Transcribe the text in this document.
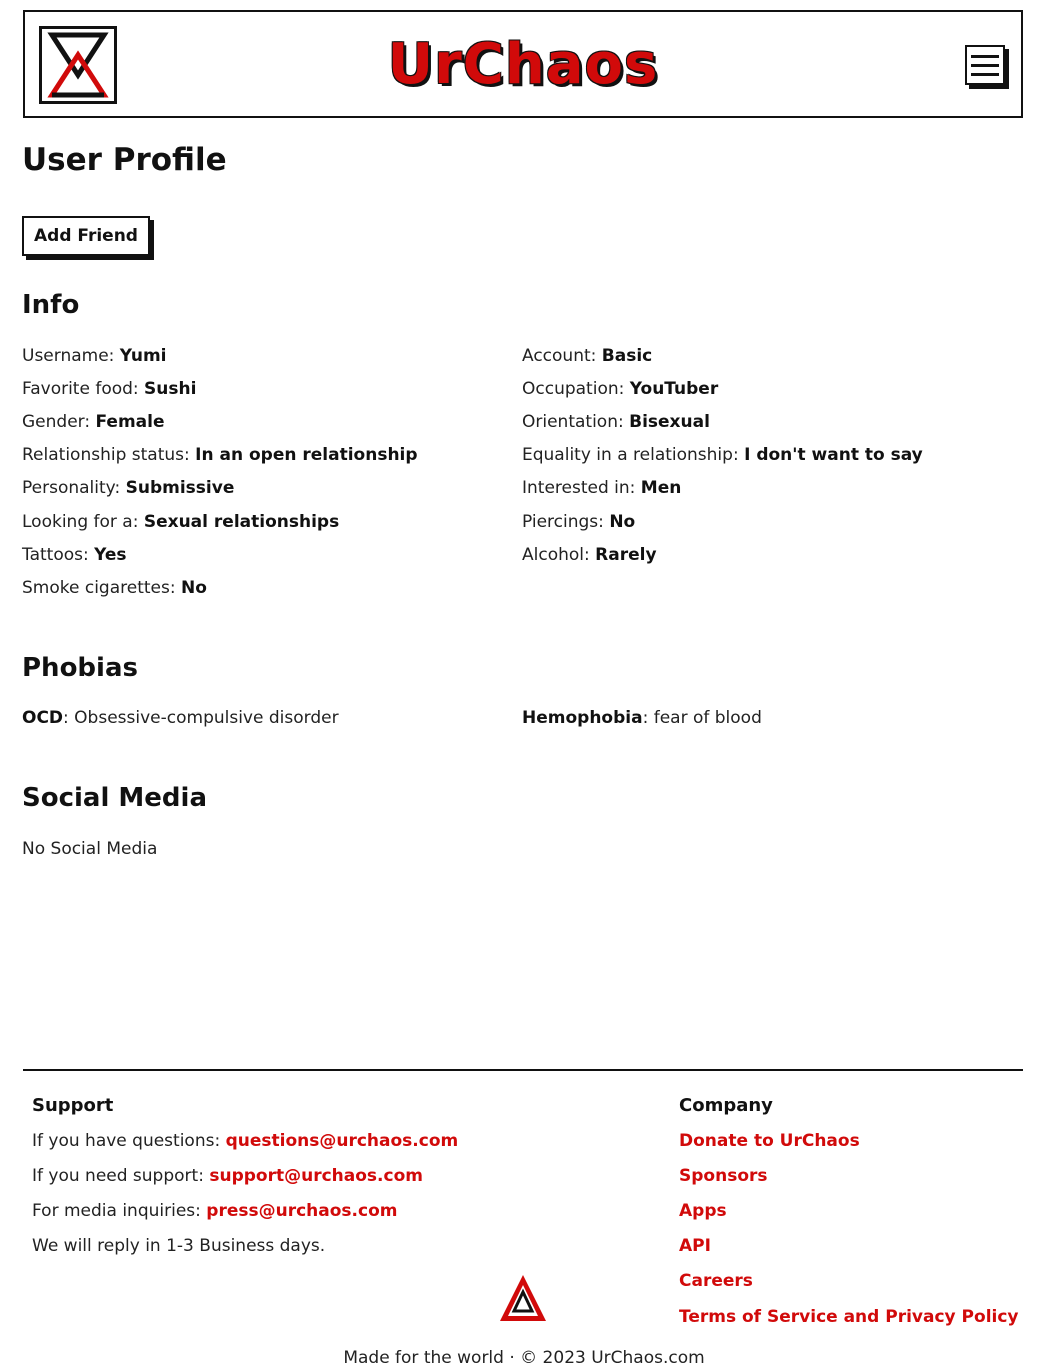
UrChaos
User Profile
Add Friend
Info
Username: Yumi
Favorite food: Sushi
Gender: Female
Relationship status: In an open relationship
Personality: Submissive
Looking for a: Sexual relationships
Tattoos: Yes
Smoke cigarettes: No
Account: Basic
Occupation: YouTuber
Orientation: Bisexual
Equality in a relationship: I don't want to say
Interested in: Men
Piercings: No
Alcohol: Rarely
Phobias
OCD: Obsessive-compulsive disorder	Hemophobia: fear of blood
Social Media
No Social Media
Support
If you have questions: questions@urchaos.com
If you need support: support@urchaos.com
For media inquiries: press@urchaos.com
We will reply in 1-3 Business days.
Company
Donate to UrChaos
Sponsors
Apps
API
Careers
Terms of Service and Privacy Policy
Made for the world · © 2023 UrChaos.com
